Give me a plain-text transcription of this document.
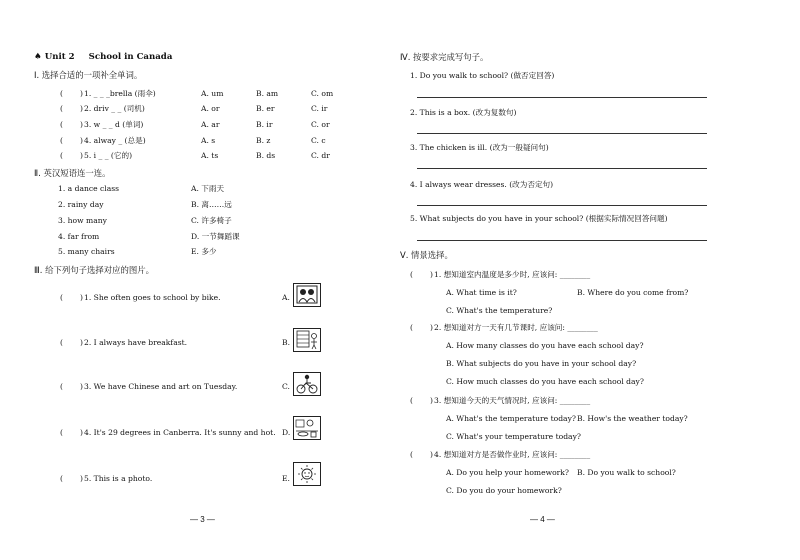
♠ Unit 2 School in Canada
Ⅰ. 选择合适的一项补全单词。
( ) 1. _ _ _brella (雨伞)	A. um	B. am	C. om
( ) 2. driv _ _ (司机)	A. or	B. er	C. ir
( ) 3. w _ _ d (单词)	A. ar	B. ir	C. or
( ) 4. alway _ (总是)	A. s	B. z	C. c
( ) 5. i _ _ (它的)	A. ts	B. ds	C. dr
Ⅱ. 英汉短语连一连。
1. a dance class	A. 下雨天
2. rainy day	B. 离……远
3. how many	C. 许多椅子
4. far from	D. 一节舞蹈课
5. many chairs	E. 多少
Ⅲ. 给下列句子选择对应的图片。
( ) 1. She often goes to school by bike.	A.
( ) 2. I always have breakfast.	B.
( ) 3. We have Chinese and art on Tuesday.	C.
( ) 4. It's 29 degrees in Canberra. It's sunny and hot. D.
( ) 5. This is a photo.	E.
— 3 —
Ⅳ. 按要求完成写句子。
1. Do you walk to school? (做否定回答)
2. This is a box. (改为复数句)
3. The chicken is ill. (改为一般疑问句)
4. I always wear dresses. (改为否定句)
5. What subjects do you have in your school? (根据实际情况回答问题)
Ⅴ. 情景选择。
( ) 1. 想知道室内温度是多少时, 应该问: ________
A. What time is it?	B. Where do you come from?
C. What's the temperature?
( ) 2. 想知道对方一天有几节课时, 应该问: ________
A. How many classes do you have each school day?
B. What subjects do you have in your school day?
C. How much classes do you have each school day?
( ) 3. 想知道今天的天气情况时, 应该问: ________
A. What's the temperature today? B. How's the weather today?
C. What's your temperature today?
( ) 4. 想知道对方是否做作业时, 应该问: ________
A. Do you help your homework? B. Do you walk to school?
C. Do you do your homework?
— 4 —
